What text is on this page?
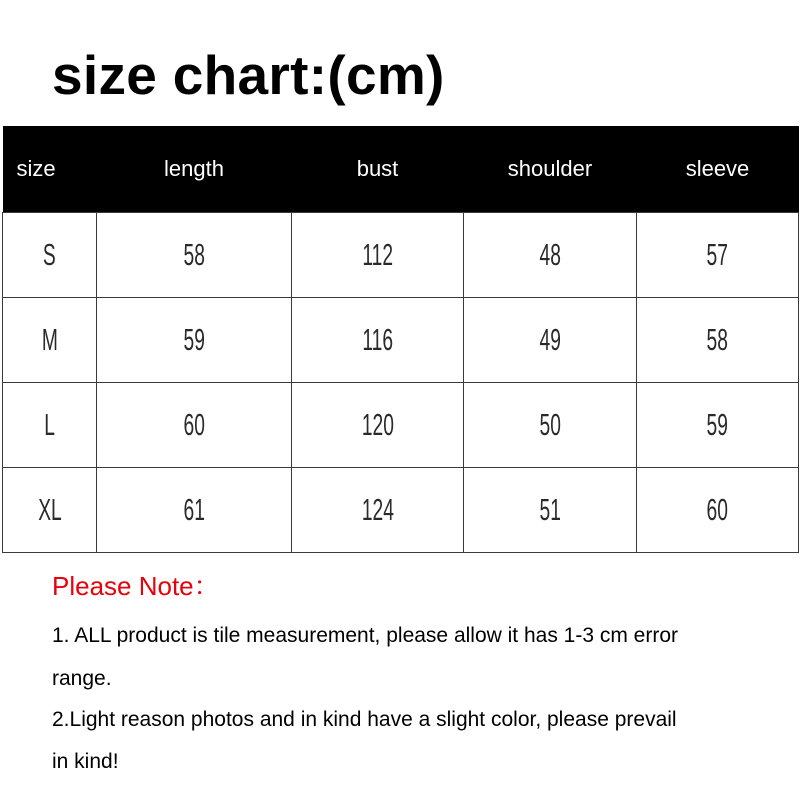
size chart:(cm)
size	length	bust	shoulder	sleeve
S	58	112	48	57
M	59	116	49	58
L	60	120	50	59
XL	61	124	51	60
Please Note：
1. ALL product is tile measurement, please allow it has 1-3 cm error
range.
2.Light reason photos and in kind have a slight color, please prevail
in kind!
